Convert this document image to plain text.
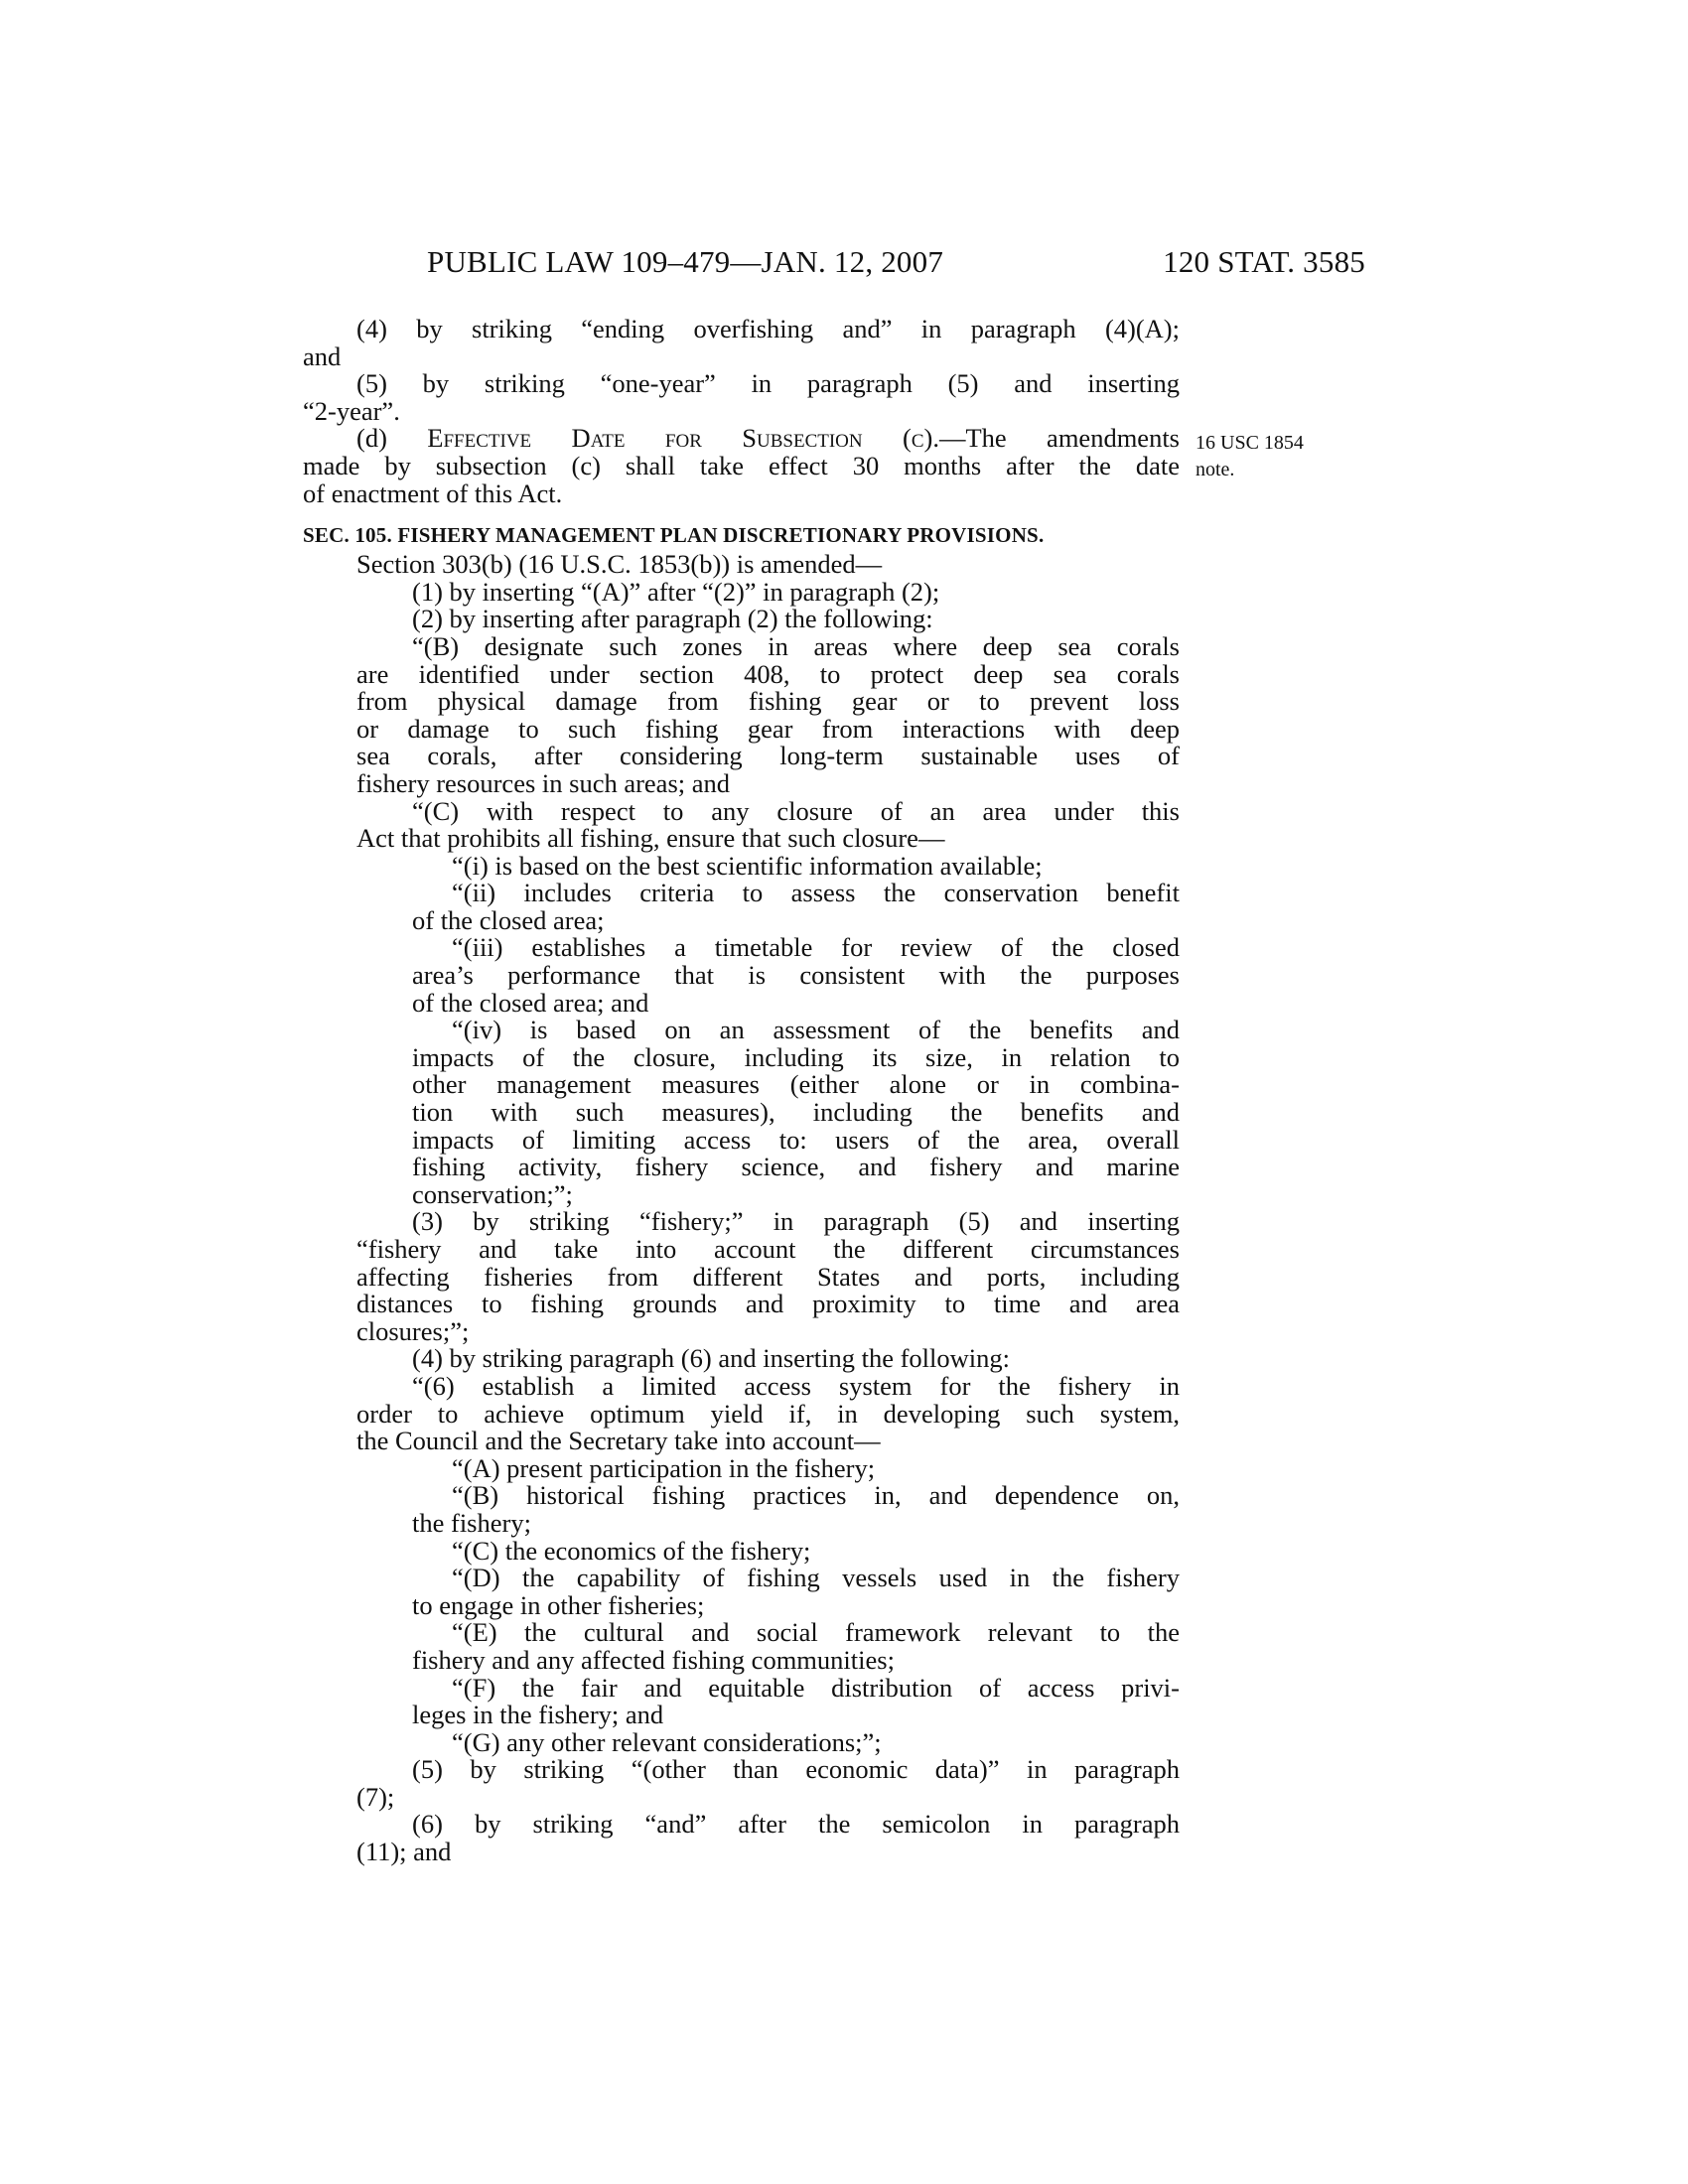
PUBLIC LAW 109–479—JAN. 12, 2007	120 STAT. 3585
16 USC 1854
note.
(4) by striking “ending overfishing and” in paragraph (4)(A);
and
(5) by striking “one-year” in paragraph (5) and inserting
“2-year”.
(d) Effective Date for Subsection (c).—The amendments
made by subsection (c) shall take effect 30 months after the date
of enactment of this Act.
SEC. 105. FISHERY MANAGEMENT PLAN DISCRETIONARY PROVISIONS.
Section 303(b) (16 U.S.C. 1853(b)) is amended—
(1) by inserting “(A)” after “(2)” in paragraph (2);
(2) by inserting after paragraph (2) the following:
“(B) designate such zones in areas where deep sea corals
are identified under section 408, to protect deep sea corals
from physical damage from fishing gear or to prevent loss
or damage to such fishing gear from interactions with deep
sea corals, after considering long-term sustainable uses of
fishery resources in such areas; and
“(C) with respect to any closure of an area under this
Act that prohibits all fishing, ensure that such closure—
“(i) is based on the best scientific information available;
“(ii) includes criteria to assess the conservation benefit
of the closed area;
“(iii) establishes a timetable for review of the closed
area’s performance that is consistent with the purposes
of the closed area; and
“(iv) is based on an assessment of the benefits and
impacts of the closure, including its size, in relation to
other management measures (either alone or in combina-
tion with such measures), including the benefits and
impacts of limiting access to: users of the area, overall
fishing activity, fishery science, and fishery and marine
conservation;”;
(3) by striking “fishery;” in paragraph (5) and inserting
“fishery and take into account the different circumstances
affecting fisheries from different States and ports, including
distances to fishing grounds and proximity to time and area
closures;”;
(4) by striking paragraph (6) and inserting the following:
“(6) establish a limited access system for the fishery in
order to achieve optimum yield if, in developing such system,
the Council and the Secretary take into account—
“(A) present participation in the fishery;
“(B) historical fishing practices in, and dependence on,
the fishery;
“(C) the economics of the fishery;
“(D) the capability of fishing vessels used in the fishery
to engage in other fisheries;
“(E) the cultural and social framework relevant to the
fishery and any affected fishing communities;
“(F) the fair and equitable distribution of access privi-
leges in the fishery; and
“(G) any other relevant considerations;”;
(5) by striking “(other than economic data)” in paragraph
(7);
(6) by striking “and” after the semicolon in paragraph
(11); and
